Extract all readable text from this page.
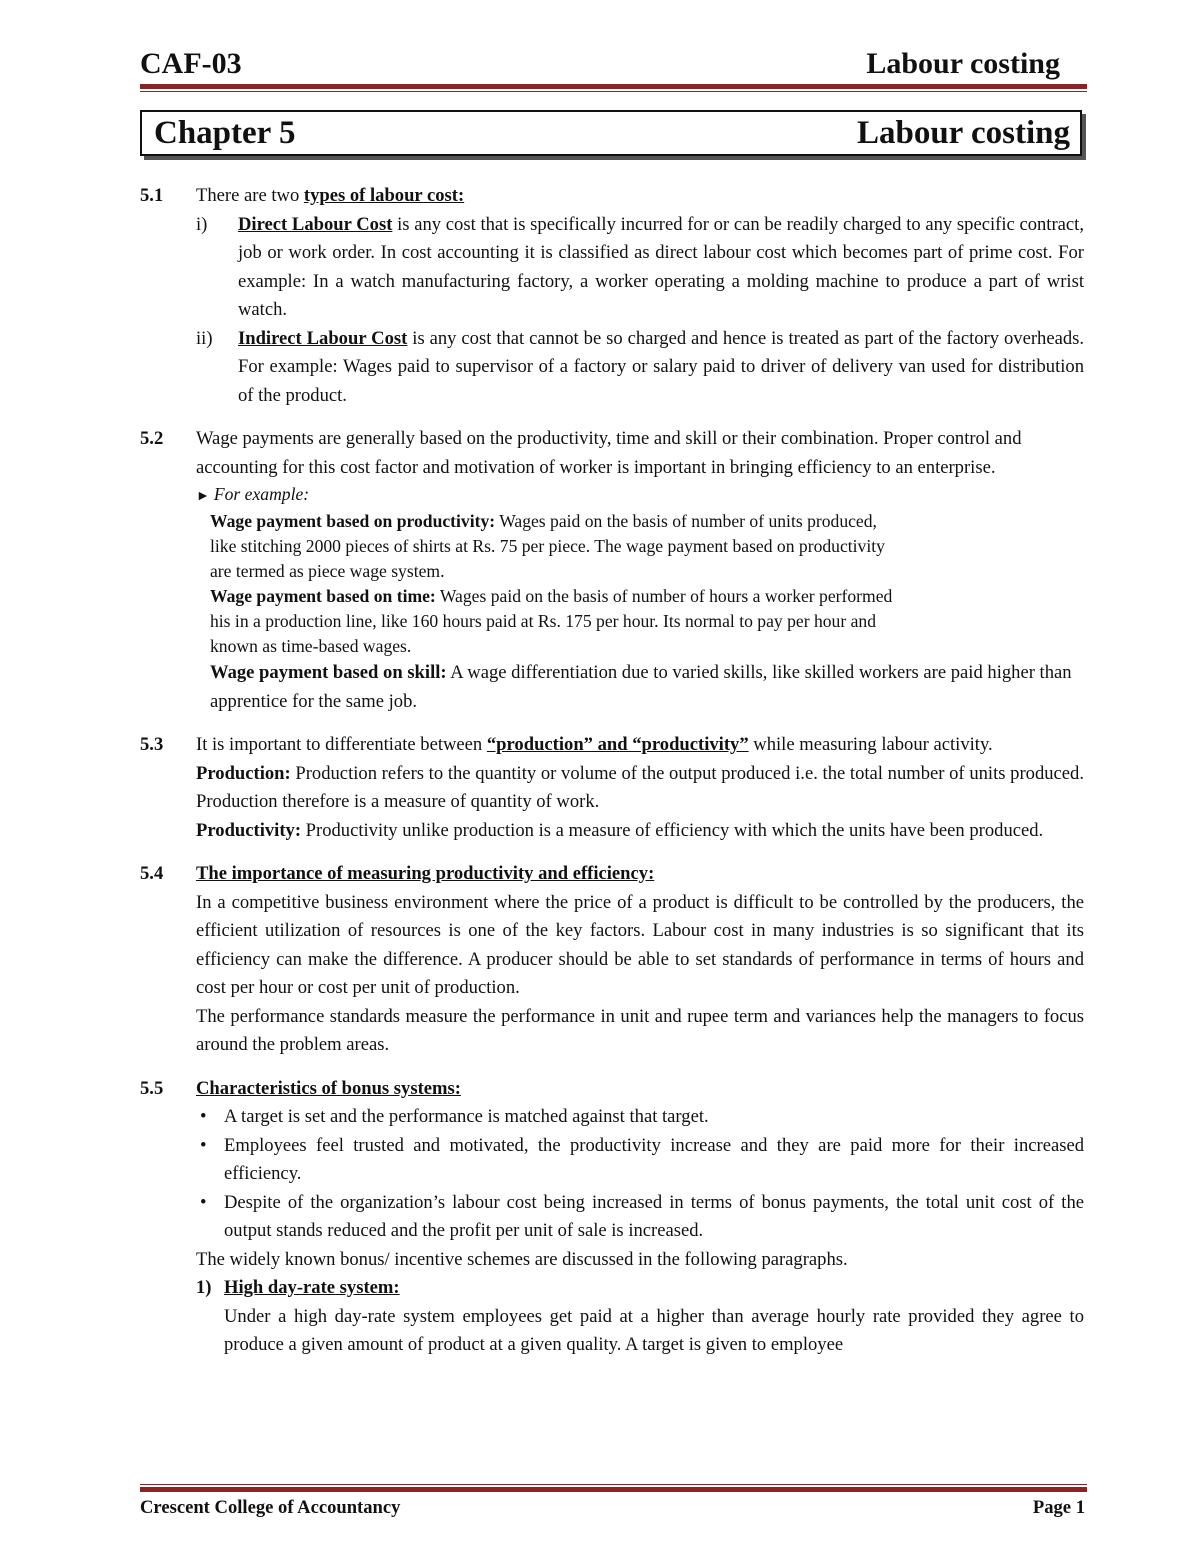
CAF-03	Labour costing
Chapter 5	Labour costing
5.1 There are two types of labour cost:

i) Direct Labour Cost is any cost that is specifically incurred for or can be readily charged to any specific contract, job or work order. In cost accounting it is classified as direct labour cost which becomes part of prime cost. For example: In a watch manufacturing factory, a worker operating a molding machine to produce a part of wrist watch.

ii) Indirect Labour Cost is any cost that cannot be so charged and hence is treated as part of the factory overheads. For example: Wages paid to supervisor of a factory or salary paid to driver of delivery van used for distribution of the product.

5.2 Wage payments are generally based on the productivity, time and skill or their combination. Proper control and accounting for this cost factor and motivation of worker is important in bringing efficiency to an enterprise.

► For example:

Wage payment based on productivity: Wages paid on the basis of number of units produced,

like stitching 2000 pieces of shirts at Rs. 75 per piece. The wage payment based on productivity

are termed as piece wage system.

Wage payment based on time: Wages paid on the basis of number of hours a worker performed

his in a production line, like 160 hours paid at Rs. 175 per hour. Its normal to pay per hour and

known as time-based wages.

Wage payment based on skill: A wage differentiation due to varied skills, like skilled workers are paid higher than apprentice for the same job.

5.3 It is important to differentiate between “production” and “productivity” while measuring labour activity.

Production: Production refers to the quantity or volume of the output produced i.e. the total number of units produced. Production therefore is a measure of quantity of work.

Productivity: Productivity unlike production is a measure of efficiency with which the units have been produced.

5.4 The importance of measuring productivity and efficiency:

In a competitive business environment where the price of a product is difficult to be controlled by the producers, the efficient utilization of resources is one of the key factors. Labour cost in many industries is so significant that its efficiency can make the difference. A producer should be able to set standards of performance in terms of hours and cost per hour or cost per unit of production.

The performance standards measure the performance in unit and rupee term and variances help the managers to focus around the problem areas.

5.5 Characteristics of bonus systems:

• A target is set and the performance is matched against that target.

• Employees feel trusted and motivated, the productivity increase and they are paid more for their increased efficiency.

• Despite of the organization’s labour cost being increased in terms of bonus payments, the total unit cost of the output stands reduced and the profit per unit of sale is increased.

The widely known bonus/ incentive schemes are discussed in the following paragraphs.

1) High day-rate system:

Under a high day-rate system employees get paid at a higher than average hourly rate provided they agree to produce a given amount of product at a given quality. A target is given to employee

Crescent College of Accountancy	Page 1
